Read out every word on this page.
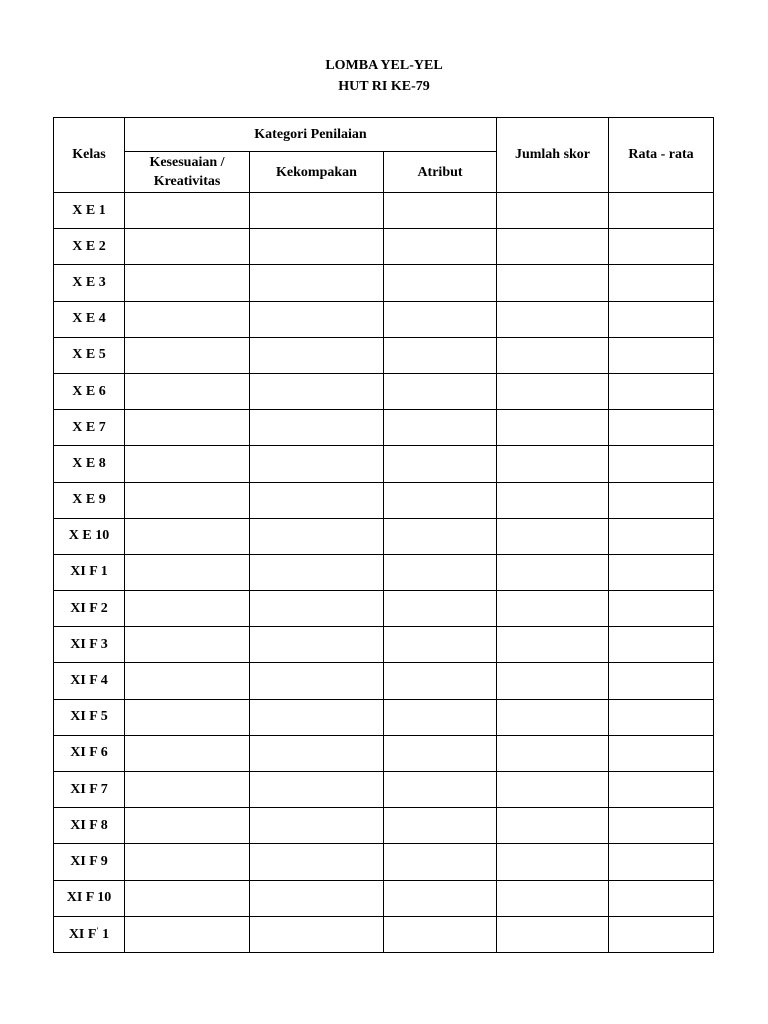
LOMBA YEL-YEL
HUT RI KE-79
Kelas	Kategori Penilaian			Jumlah skor	Rata - rata
	Kesesuaian /
Kreativitas	Kekompakan	Atribut		
X E 1					
X E 2					
X E 3					
X E 4					
X E 5					
X E 6					
X E 7					
X E 8					
X E 9					
X E 10					
XI F 1					
XI F 2					
XI F 3					
XI F 4					
XI F 5					
XI F 6					
XI F 7					
XI F 8					
XI F 9					
XI F 10					
XI F' 1					
